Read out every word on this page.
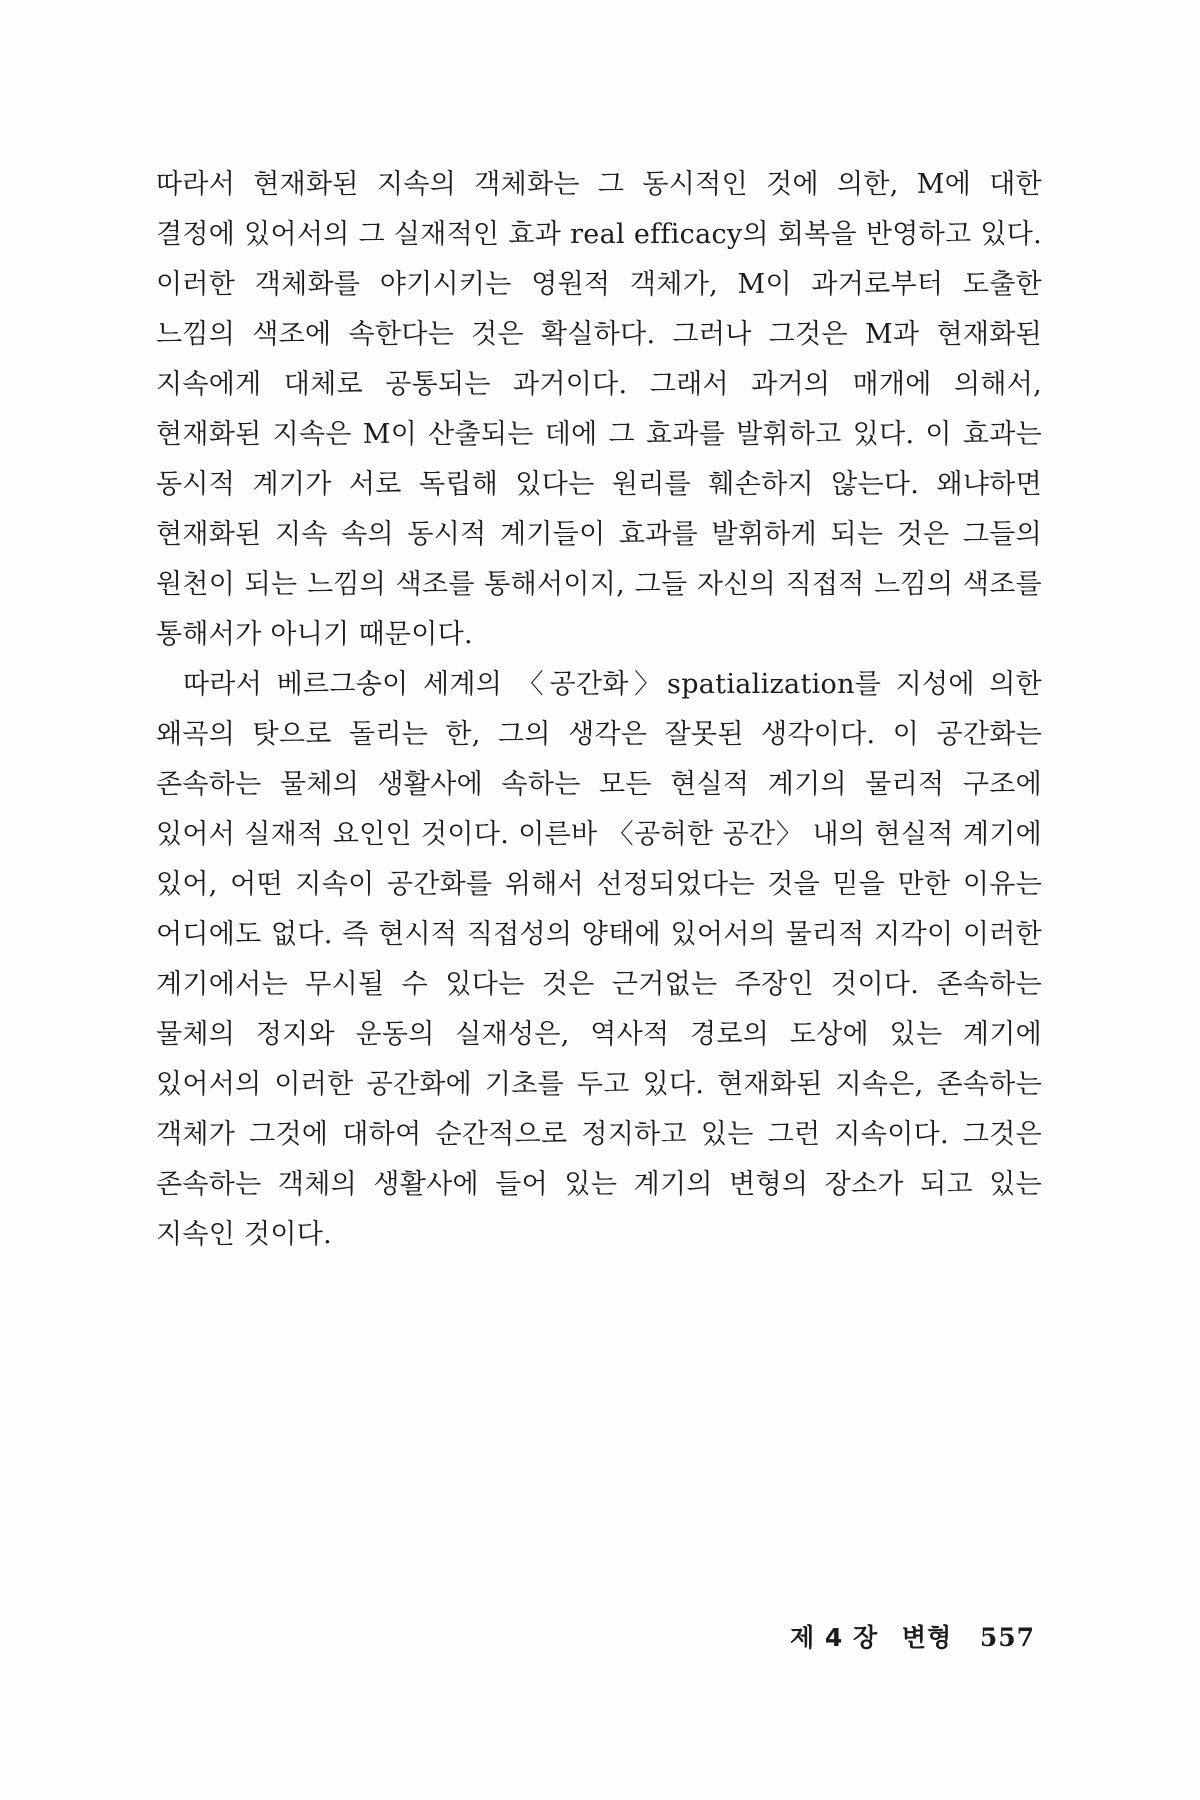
따라서 현재화된 지속의 객체화는 그 동시적인 것에 의한, M에 대한 결정에 있어서의 그 실재적인 효과 real efficacy의 회복을 반영하고 있다. 이러한 객체화를 야기시키는 영원적 객체가, M이 과거로부터 도출한 느낌의 색조에 속한다는 것은 확실하다. 그러나 그것은 M과 현재화된 지속에게 대체로 공통되는 과거이다. 그래서 과거의 매개에 의해서, 현재화된 지속은 M이 산출되는 데에 그 효과를 발휘하고 있다. 이 효과는 동시적 계기가 서로 독립해 있다는 원리를 훼손하지 않는다. 왜냐하면 현재화된 지속 속의 동시적 계기들이 효과를 발휘하게 되는 것은 그들의 원천이 되는 느낌의 색조를 통해서이지, 그들 자신의 직접적 느낌의 색조를 통해서가 아니기 때문이다.

따라서 베르그송이 세계의 〈공간화〉spatialization를 지성에 의한 왜곡의 탓으로 돌리는 한, 그의 생각은 잘못된 생각이다. 이 공간화는 존속하는 물체의 생활사에 속하는 모든 현실적 계기의 물리적 구조에 있어서 실재적 요인인 것이다. 이른바 〈공허한 공간〉 내의 현실적 계기에 있어, 어떤 지속이 공간화를 위해서 선정되었다는 것을 믿을 만한 이유는 어디에도 없다. 즉 현시적 직접성의 양태에 있어서의 물리적 지각이 이러한 계기에서는 무시될 수 있다는 것은 근거없는 주장인 것이다. 존속하는 물체의 정지와 운동의 실재성은, 역사적 경로의 도상에 있는 계기에 있어서의 이러한 공간화에 기초를 두고 있다. 현재화된 지속은, 존속하는 객체가 그것에 대하여 순간적으로 정지하고 있는 그런 지속이다. 그것은 존속하는 객체의 생활사에 들어 있는 계기의 변형의 장소가 되고 있는 지속인 것이다.

제 4 장 변형 557
